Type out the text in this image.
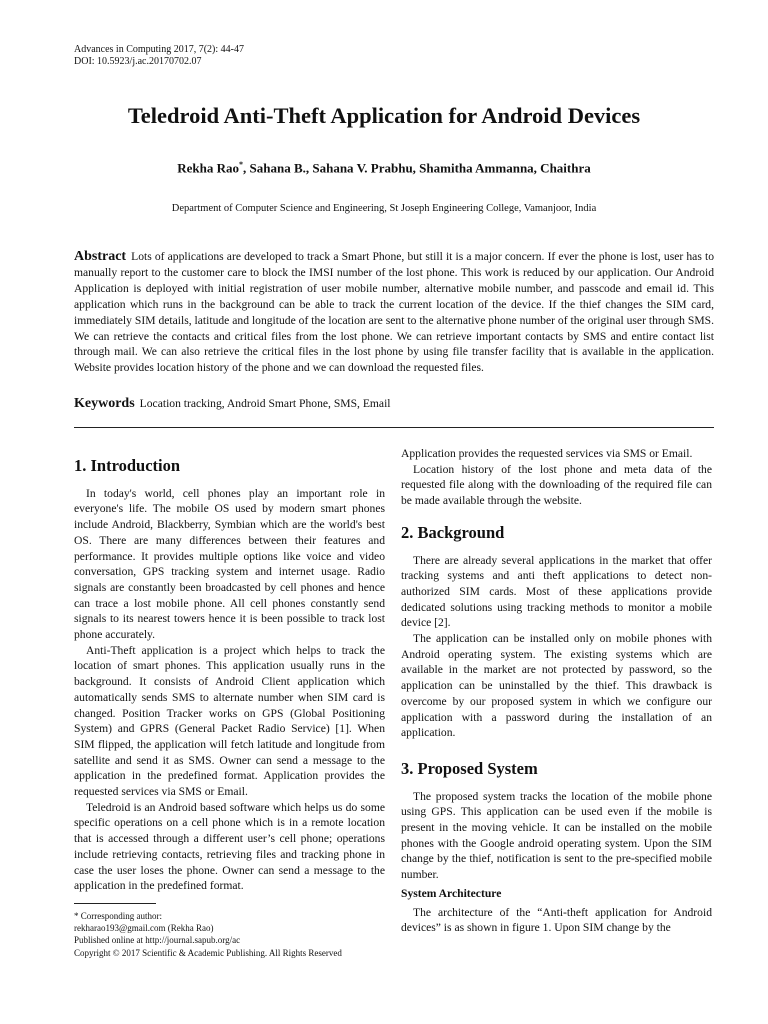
Advances in Computing 2017, 7(2): 44-47
DOI: 10.5923/j.ac.20170702.07
Teledroid Anti-Theft Application for Android Devices
Rekha Rao*, Sahana B., Sahana V. Prabhu, Shamitha Ammanna, Chaithra
Department of Computer Science and Engineering, St Joseph Engineering College, Vamanjoor, India
Abstract Lots of applications are developed to track a Smart Phone, but still it is a major concern. If ever the phone is lost, user has to manually report to the customer care to block the IMSI number of the lost phone. This work is reduced by our application. Our Android Application is deployed with initial registration of user mobile number, alternative mobile number, and passcode and email id. This application which runs in the background can be able to track the current location of the device. If the thief changes the SIM card, immediately SIM details, latitude and longitude of the location are sent to the alternative phone number of the original user through SMS. We can retrieve the contacts and critical files from the lost phone. We can retrieve important contacts by SMS and entire contact list through mail. We can also retrieve the critical files in the lost phone by using file transfer facility that is available in the application. Website provides location history of the phone and we can download the requested files.
Keywords Location tracking, Android Smart Phone, SMS, Email
1. Introduction

In today's world, cell phones play an important role in everyone's life. The mobile OS used by modern smart phones include Android, Blackberry, Symbian which are the world's best OS. There are many differences between their features and performance. It provides multiple options like voice and video conversation, GPS tracking system and internet usage. Radio signals are constantly been broadcasted by cell phones and hence can trace a lost mobile phone. All cell phones constantly send signals to its nearest towers hence it is been possible to track lost phone accurately.

Anti-Theft application is a project which helps to track the location of smart phones. This application usually runs in the background. It consists of Android Client application which automatically sends SMS to alternate number when SIM card is changed. Position Tracker works on GPS (Global Positioning System) and GPRS (General Packet Radio Service) [1]. When SIM flipped, the application will fetch latitude and longitude from satellite and send it as SMS. Owner can send a message to the application in the predefined format. Application provides the requested services via SMS or Email.

Teledroid is an Android based software which helps us do some specific operations on a cell phone which is in a remote location that is accessed through a different user’s cell phone; operations include retrieving contacts, retrieving files and tracking phone in case the user loses the phone. Owner can send a message to the application in the predefined format.

* Corresponding author:
rekharao193@gmail.com (Rekha Rao)
Published online at http://journal.sapub.org/ac
Copyright © 2017 Scientific & Academic Publishing. All Rights Reserved

Application provides the requested services via SMS or Email.

Location history of the lost phone and meta data of the requested file along with the downloading of the required file can be made available through the website.

2. Background

There are already several applications in the market that offer tracking systems and anti theft applications to detect non-authorized SIM cards. Most of these applications provide dedicated solutions using tracking methods to monitor a mobile device [2].

The application can be installed only on mobile phones with Android operating system. The existing systems which are available in the market are not protected by password, so the application can be uninstalled by the thief. This drawback is overcome by our proposed system in which we configure our application with a password during the installation of an application.

3. Proposed System

The proposed system tracks the location of the mobile phone using GPS. This application can be used even if the mobile is present in the moving vehicle. It can be installed on the mobile phones with the Google android operating system. Upon the SIM change by the thief, notification is sent to the pre-specified mobile number.

System Architecture

The architecture of the “Anti-theft application for Android devices” is as shown in figure 1. Upon SIM change by the
